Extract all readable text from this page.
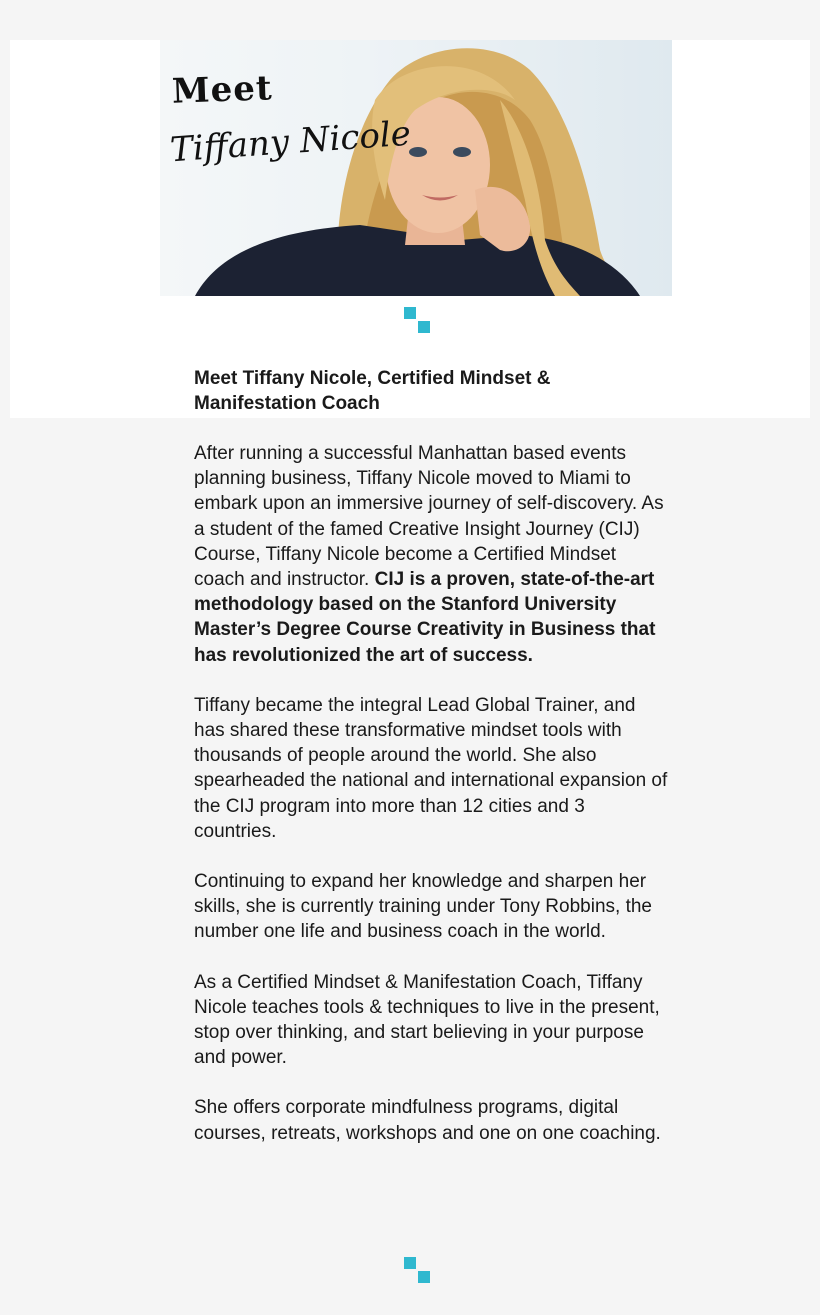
Meet
Tiffany Nicole
Meet Tiffany Nicole, Certified Mindset & Manifestation Coach

After running a successful Manhattan based events planning business, Tiffany Nicole moved to Miami to embark upon an immersive journey of self-discovery. As a student of the famed Creative Insight Journey (CIJ) Course, Tiffany Nicole become a Certified Mindset coach and instructor. CIJ is a proven, state-of-the-art methodology based on the Stanford University Master’s Degree Course Creativity in Business that has revolutionized the art of success.

Tiffany became the integral Lead Global Trainer, and has shared these transformative mindset tools with thousands of people around the world. She also spearheaded the national and international expansion of the CIJ program into more than 12 cities and 3 countries.

Continuing to expand her knowledge and sharpen her skills, she is currently training under Tony Robbins, the number one life and business coach in the world.

As a Certified Mindset & Manifestation Coach, Tiffany Nicole teaches tools & techniques to live in the present, stop over thinking, and start believing in your purpose and power.

She offers corporate mindfulness programs, digital courses, retreats, workshops and one on one coaching.
